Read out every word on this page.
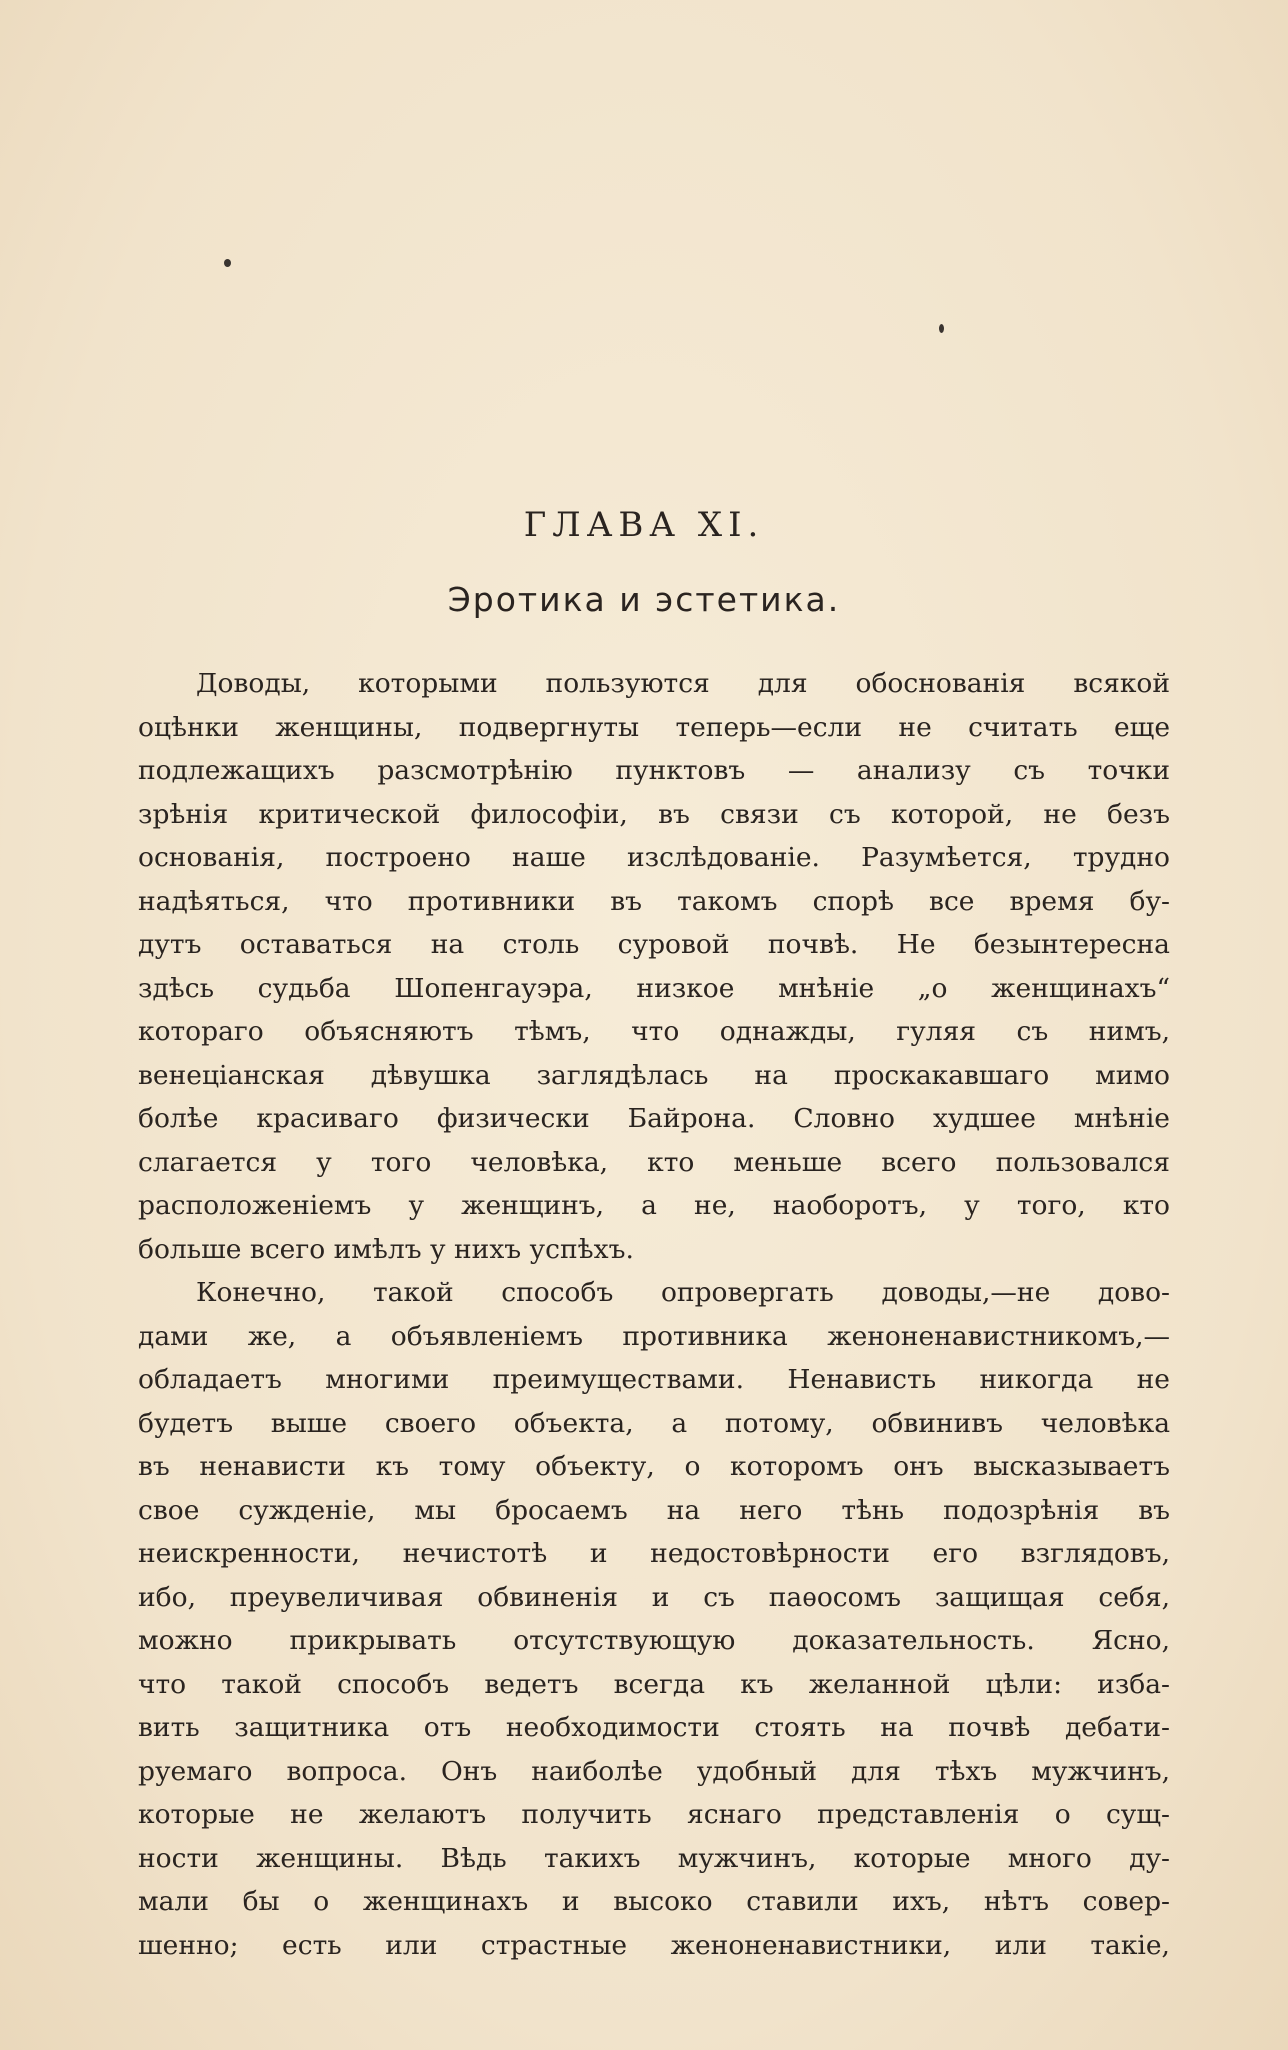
ГЛАВА XI.
Эротика и эстетика.
Доводы, которыми пользуются для обоснованія всякой
оцѣнки женщины, подвергнуты теперь—если не считать еще
подлежащихъ разсмотрѣнію пунктовъ — анализу съ точки
зрѣнія критической философіи, въ связи съ которой, не безъ
основанія, построено наше изслѣдованіе. Разумѣется, трудно
надѣяться, что противники въ такомъ спорѣ все время бу-
дутъ оставаться на столь суровой почвѣ. Не безынтересна
здѣсь судьба Шопенгауэра, низкое мнѣніе „о женщинахъ“
котораго объясняютъ тѣмъ, что однажды, гуляя съ нимъ,
венеціанская дѣвушка заглядѣлась на проскакавшаго мимо
болѣе красиваго физически Байрона. Словно худшее мнѣніе
слагается у того человѣка, кто меньше всего пользовался
расположеніемъ у женщинъ, а не, наоборотъ, у того, кто
больше всего имѣлъ у нихъ успѣхъ.
Конечно, такой способъ опровергать доводы,—не дово-
дами же, а объявленіемъ противника женоненавистникомъ,—
обладаетъ многими преимуществами. Ненависть никогда не
будетъ выше своего объекта, а потому, обвинивъ человѣка
въ ненависти къ тому объекту, о которомъ онъ высказываетъ
свое сужденіе, мы бросаемъ на него тѣнь подозрѣнія въ
неискренности, нечистотѣ и недостовѣрности его взглядовъ,
ибо, преувеличивая обвиненія и съ паѳосомъ защищая себя,
можно прикрывать отсутствующую доказательность. Ясно,
что такой способъ ведетъ всегда къ желанной цѣли: изба-
вить защитника отъ необходимости стоять на почвѣ дебати-
руемаго вопроса. Онъ наиболѣе удобный для тѣхъ мужчинъ,
которые не желаютъ получить яснаго представленія о сущ-
ности женщины. Вѣдь такихъ мужчинъ, которые много ду-
мали бы о женщинахъ и высоко ставили ихъ, нѣтъ совер-
шенно; есть или страстные женоненавистники, или такіе,
